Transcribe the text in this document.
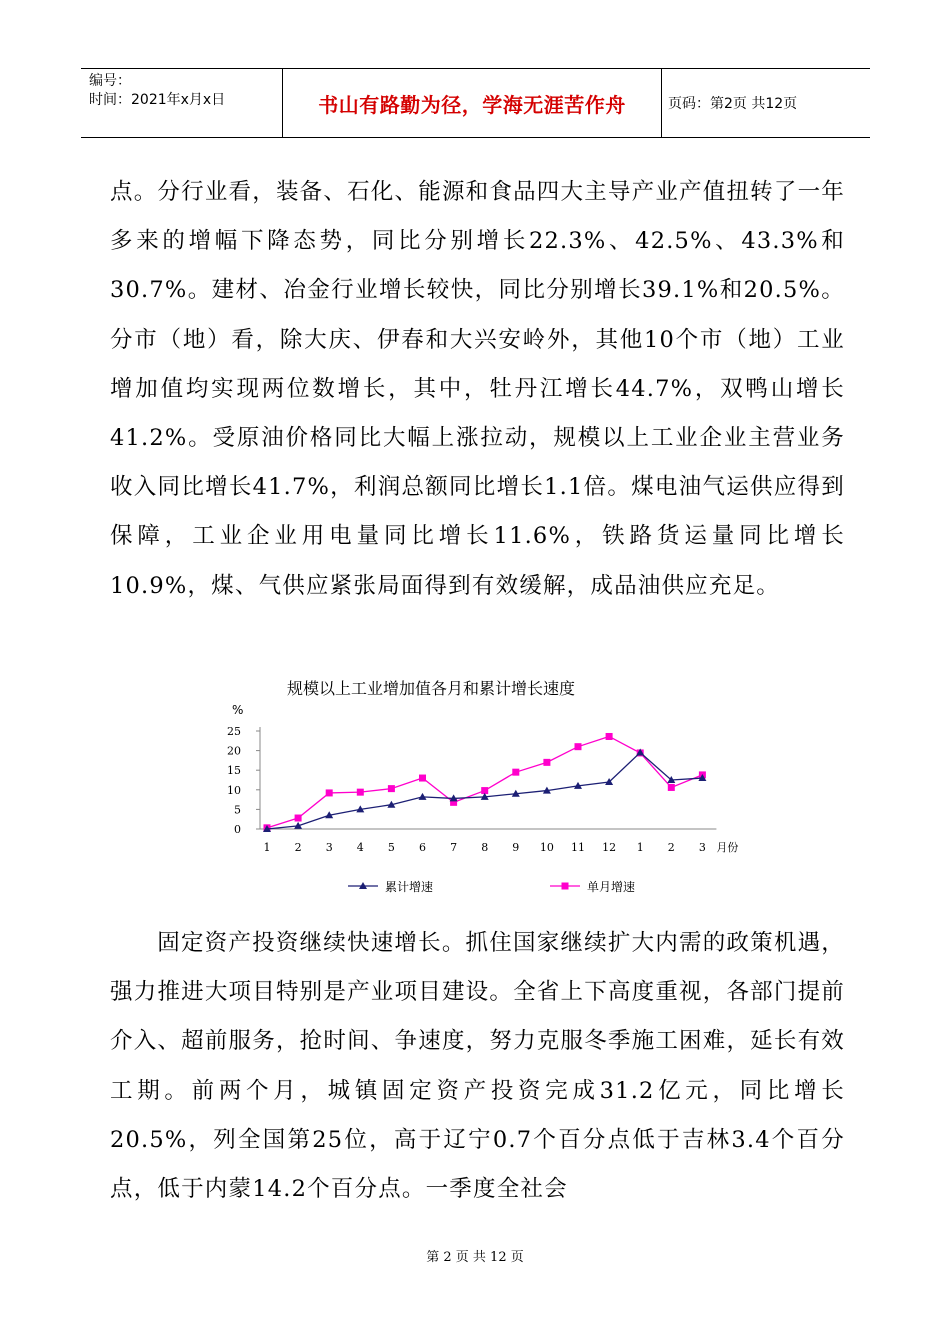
编号：
时间：2021年x月x日	书山有路勤为径，学海无涯苦作舟	页码：第2页 共12页

点。分行业看，装备、石化、能源和食品四大主导产业产值扭转了一年多来的增幅下降态势，同比分别增长22.3%、42.5%、43.3%和30.7%。建材、冶金行业增长较快，同比分别增长39.1%和20.5%。分市（地）看，除大庆、伊春和大兴安岭外，其他10个市（地）工业增加值均实现两位数增长，其中，牡丹江增长44.7%，双鸭山增长41.2%。受原油价格同比大幅上涨拉动，规模以上工业企业主营业务收入同比增长41.7%，利润总额同比增长1.1倍。煤电油气运供应得到保障，工业企业用电量同比增长11.6%，铁路货运量同比增长10.9%，煤、气供应紧张局面得到有效缓解，成品油供应充足。

规模以上工业增加值各月和累计增长速度
%
0
5
10
15
20
25
1 2 3 4 5 6 7 8 9 10 11 12 1 2 3 月份
累计增速	单月增速

固定资产投资继续快速增长。抓住国家继续扩大内需的政策机遇，强力推进大项目特别是产业项目建设。全省上下高度重视，各部门提前介入、超前服务，抢时间、争速度，努力克服冬季施工困难，延长有效工期。前两个月，城镇固定资产投资完成31.2亿元，同比增长20.5%，列全国第25位，高于辽宁0.7个百分点低于吉林3.4个百分点，低于内蒙14.2个百分点。一季度全社会

第 2 页 共 12 页
